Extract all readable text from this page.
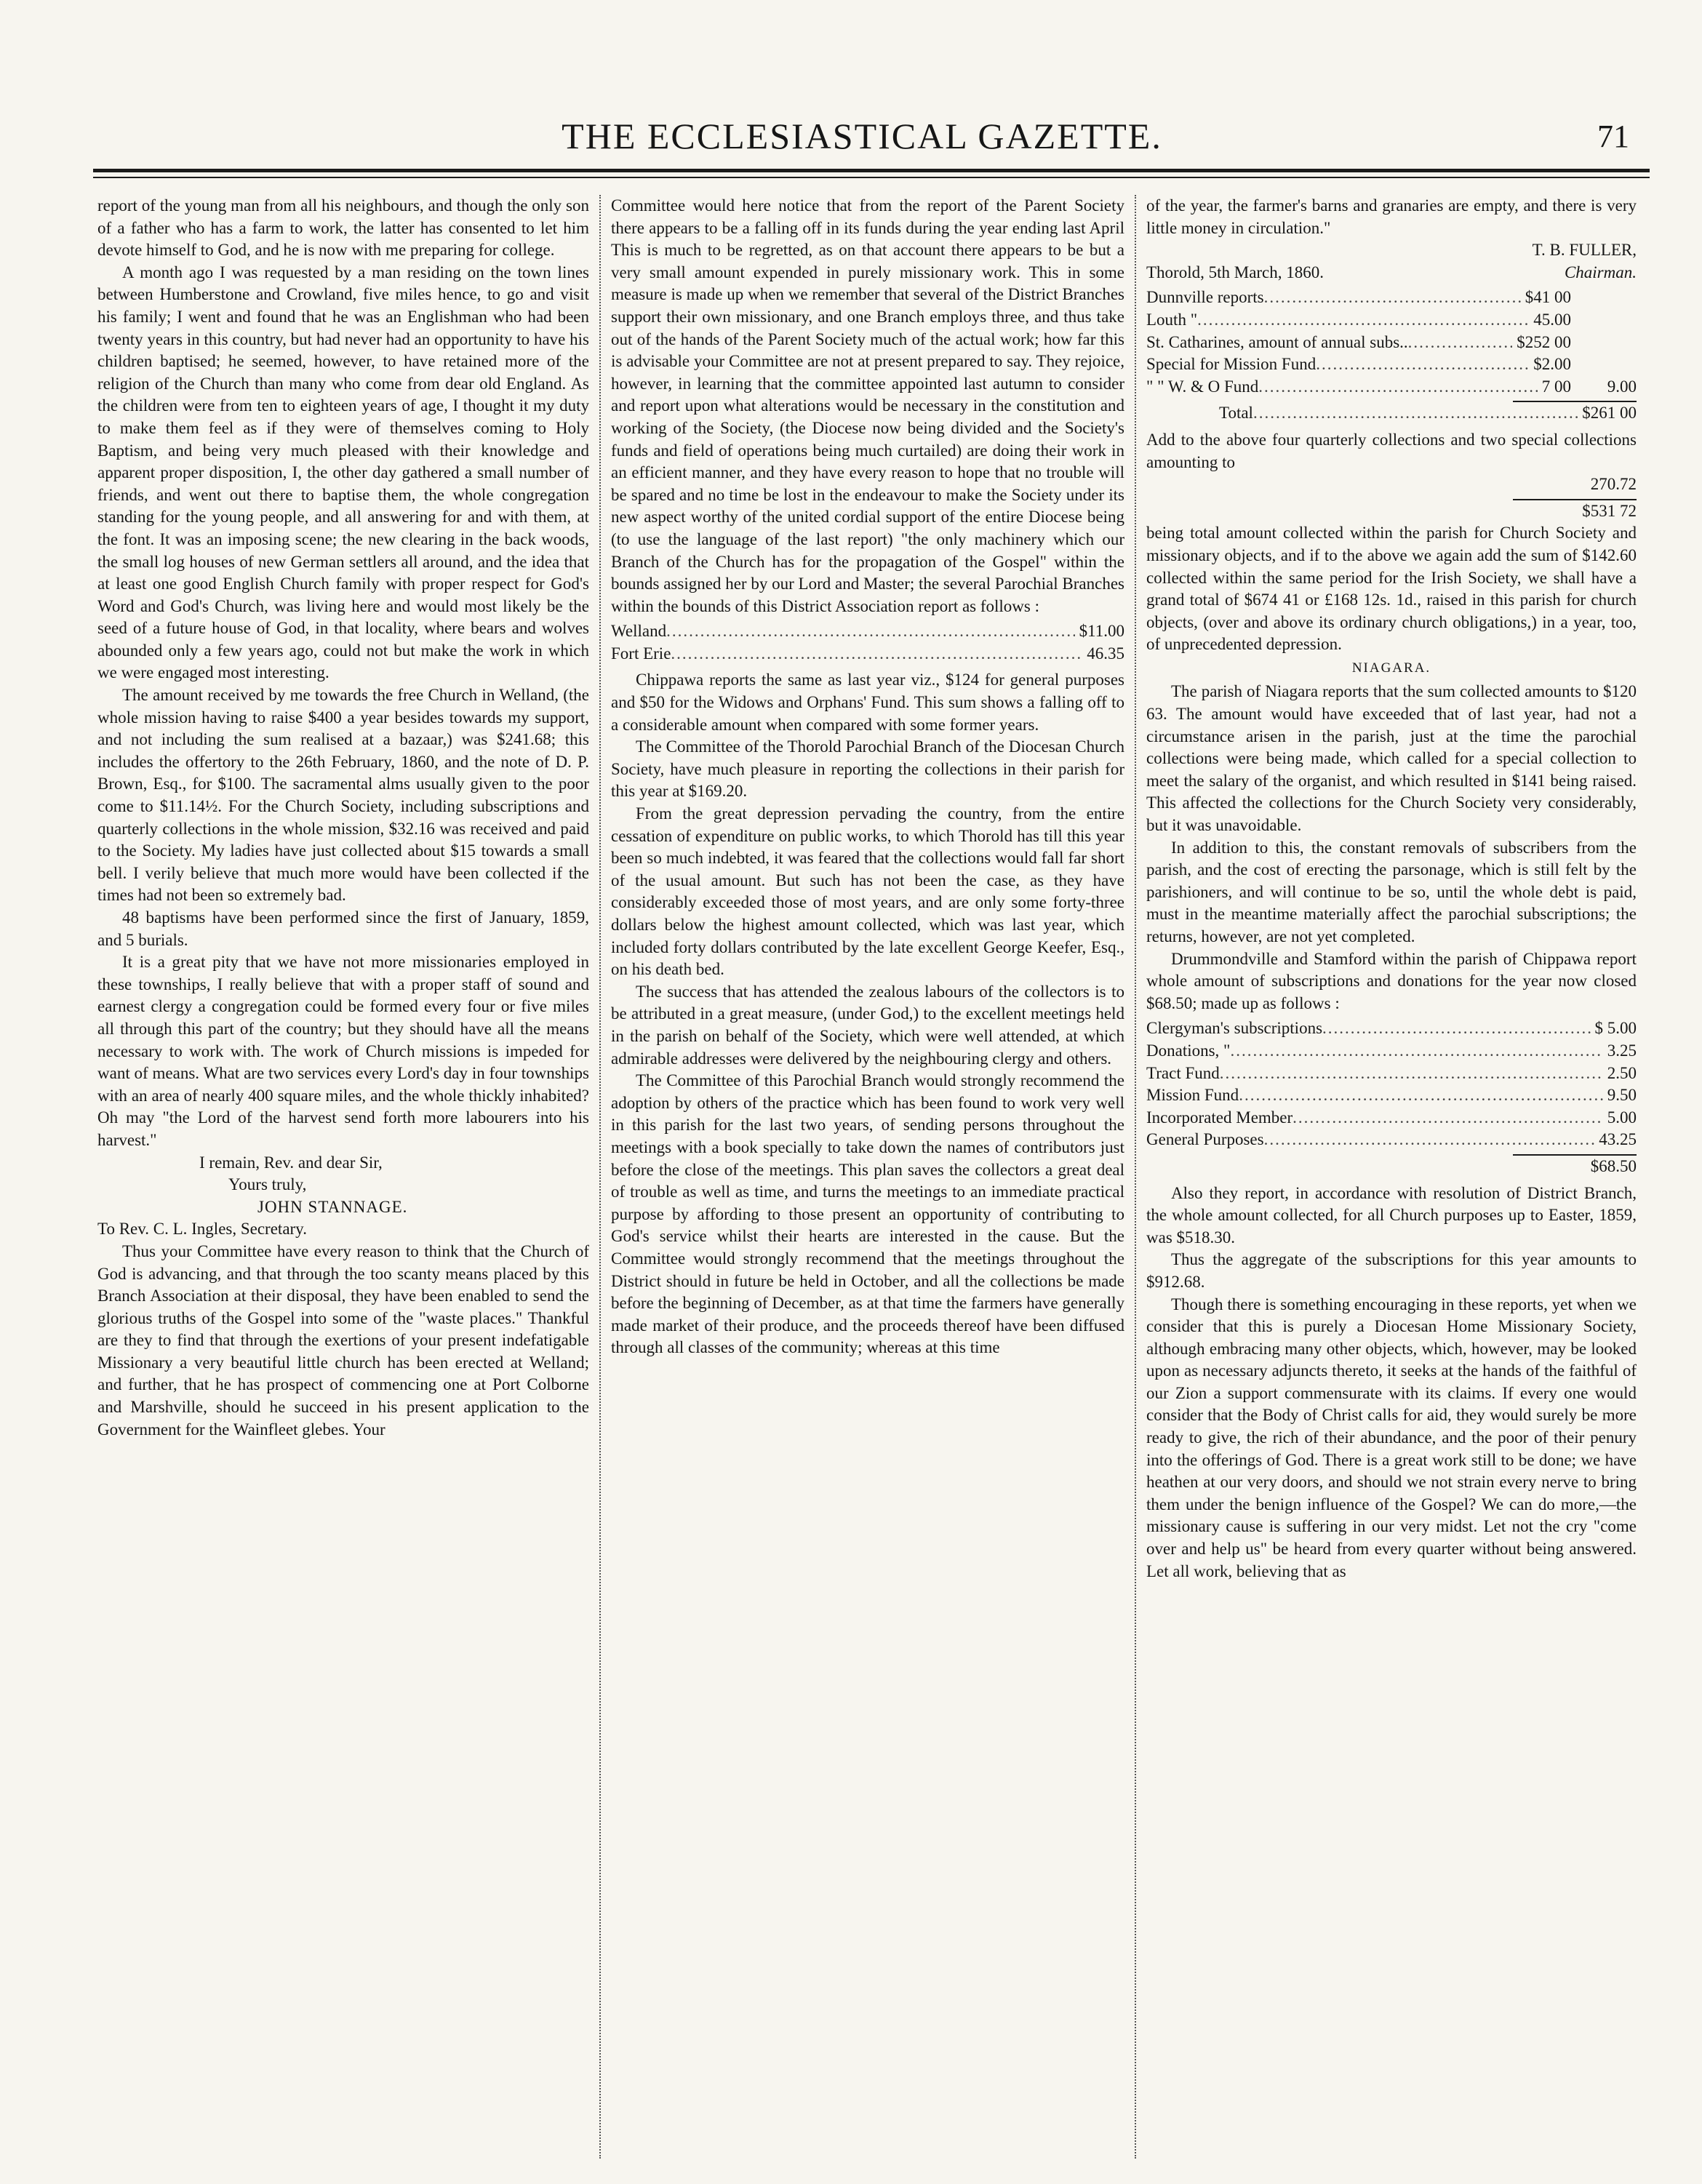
THE ECCLESIASTICAL GAZETTE.	71

report of the young man from all his neighbours, and though the only son of a father who has a farm to work, the latter has consented to let him devote himself to God, and he is now with me preparing for college.

A month ago I was requested by a man residing on the town lines between Humberstone and Crowland, five miles hence, to go and visit his family; I went and found that he was an Englishman who had been twenty years in this country, but had never had an opportunity to have his children baptised; he seemed, however, to have retained more of the religion of the Church than many who come from dear old England. As the children were from ten to eighteen years of age, I thought it my duty to make them feel as if they were of themselves coming to Holy Baptism, and being very much pleased with their knowledge and apparent proper disposition, I, the other day gathered a small number of friends, and went out there to baptise them, the whole congregation standing for the young people, and all answering for and with them, at the font. It was an imposing scene; the new clearing in the back woods, the small log houses of new German settlers all around, and the idea that at least one good English Church family with proper respect for God's Word and God's Church, was living here and would most likely be the seed of a future house of God, in that locality, where bears and wolves abounded only a few years ago, could not but make the work in which we were engaged most interesting.

The amount received by me towards the free Church in Welland, (the whole mission having to raise $400 a year besides towards my support, and not including the sum realised at a bazaar,) was $241.68; this includes the offertory to the 26th February, 1860, and the note of D. P. Brown, Esq., for $100. The sacramental alms usually given to the poor come to $11.14½. For the Church Society, including subscriptions and quarterly collections in the whole mission, $32.16 was received and paid to the Society. My ladies have just collected about $15 towards a small bell. I verily believe that much more would have been collected if the times had not been so extremely bad.

48 baptisms have been performed since the first of January, 1859, and 5 burials.

It is a great pity that we have not more missionaries employed in these townships, I really believe that with a proper staff of sound and earnest clergy a congregation could be formed every four or five miles all through this part of the country; but they should have all the means necessary to work with. The work of Church missions is impeded for want of means. What are two services every Lord's day in four townships with an area of nearly 400 square miles, and the whole thickly inhabited? Oh may "the Lord of the harvest send forth more labourers into his harvest."

I remain, Rev. and dear Sir,
Yours truly,
JOHN STANNAGE.

To Rev. C. L. Ingles, Secretary.

Thus your Committee have every reason to think that the Church of God is advancing, and that through the too scanty means placed by this Branch Association at their disposal, they have been enabled to send the glorious truths of the Gospel into some of the "waste places." Thankful are they to find that through the exertions of your present indefatigable Missionary a very beautiful little church has been erected at Welland; and further, that he has prospect of commencing one at Port Colborne and Marshville, should he succeed in his present application to the Government for the Wainfleet glebes. Your

Committee would here notice that from the report of the Parent Society there appears to be a falling off in its funds during the year ending last April This is much to be regretted, as on that account there appears to be but a very small amount expended in purely missionary work. This in some measure is made up when we remember that several of the District Branches support their own missionary, and one Branch employs three, and thus take out of the hands of the Parent Society much of the actual work; how far this is advisable your Committee are not at present prepared to say. They rejoice, however, in learning that the committee appointed last autumn to consider and report upon what alterations would be necessary in the constitution and working of the Society, (the Diocese now being divided and the Society's funds and field of operations being much curtailed) are doing their work in an efficient manner, and they have every reason to hope that no trouble will be spared and no time be lost in the endeavour to make the Society under its new aspect worthy of the united cordial support of the entire Diocese being (to use the language of the last report) "the only machinery which our Branch of the Church has for the propagation of the Gospel" within the bounds assigned her by our Lord and Master; the several Parochial Branches within the bounds of this District Association report as follows :

Welland .....	$11.00
Fort Erie .....	46.35

Chippawa reports the same as last year viz., $124 for general purposes and $50 for the Widows and Orphans' Fund. This sum shows a falling off to a considerable amount when compared with some former years.

The Committee of the Thorold Parochial Branch of the Diocesan Church Society, have much pleasure in reporting the collections in their parish for this year at $169.20.

From the great depression pervading the country, from the entire cessation of expenditure on public works, to which Thorold has till this year been so much indebted, it was feared that the collections would fall far short of the usual amount. But such has not been the case, as they have considerably exceeded those of most years, and are only some forty-three dollars below the highest amount collected, which was last year, which included forty dollars contributed by the late excellent George Keefer, Esq., on his death bed.

The success that has attended the zealous labours of the collectors is to be attributed in a great measure, (under God,) to the excellent meetings held in the parish on behalf of the Society, which were well attended, at which admirable addresses were delivered by the neighbouring clergy and others.

The Committee of this Parochial Branch would strongly recommend the adoption by others of the practice which has been found to work very well in this parish for the last two years, of sending persons throughout the meetings with a book specially to take down the names of contributors just before the close of the meetings. This plan saves the collectors a great deal of trouble as well as time, and turns the meetings to an immediate practical purpose by affording to those present an opportunity of contributing to God's service whilst their hearts are interested in the cause. But the Committee would strongly recommend that the meetings throughout the District should in future be held in October, and all the collections be made before the beginning of December, as at that time the farmers have generally made market of their produce, and the proceeds thereof have been diffused through all classes of the community; whereas at this time

of the year, the farmer's barns and granaries are empty, and there is very little money in circulation."

T. B. FULLER,

Thorold, 5th March, 1860.	Chairman.
Dunnville reports .....	$41 00
Louth " .....	45.00
St. Catharines, amount of annual subs.. .....	$252 00
Special for Mission Fund .....	$2.00
" " W. & O Fund .....	7 00	9.00
Total .....	$261 00

Add to the above four quarterly collections and two special collections amounting to

270.72

$531 72

being total amount collected within the parish for Church Society and missionary objects, and if to the above we again add the sum of $142.60 collected within the same period for the Irish Society, we shall have a grand total of $674 41 or £168 12s. 1d., raised in this parish for church objects, (over and above its ordinary church obligations,) in a year, too, of unprecedented depression.

NIAGARA.

The parish of Niagara reports that the sum collected amounts to $120 63. The amount would have exceeded that of last year, had not a circumstance arisen in the parish, just at the time the parochial collections were being made, which called for a special collection to meet the salary of the organist, and which resulted in $141 being raised. This affected the collections for the Church Society very considerably, but it was unavoidable.

In addition to this, the constant removals of subscribers from the parish, and the cost of erecting the parsonage, which is still felt by the parishioners, and will continue to be so, until the whole debt is paid, must in the meantime materially affect the parochial subscriptions; the returns, however, are not yet completed.

Drummondville and Stamford within the parish of Chippawa report whole amount of subscriptions and donations for the year now closed $68.50; made up as follows :

Clergyman's subscriptions .....	$ 5.00
Donations, " .....	3.25
Tract Fund .....	2.50
Mission Fund .....	9.50
Incorporated Member .....	5.00
General Purposes .....	43.25

$68.50

Also they report, in accordance with resolution of District Branch, the whole amount collected, for all Church purposes up to Easter, 1859, was $518.30.

Thus the aggregate of the subscriptions for this year amounts to $912.68.

Though there is something encouraging in these reports, yet when we consider that this is purely a Diocesan Home Missionary Society, although embracing many other objects, which, however, may be looked upon as necessary adjuncts thereto, it seeks at the hands of the faithful of our Zion a support commensurate with its claims. If every one would consider that the Body of Christ calls for aid, they would surely be more ready to give, the rich of their abundance, and the poor of their penury into the offerings of God. There is a great work still to be done; we have heathen at our very doors, and should we not strain every nerve to bring them under the benign influence of the Gospel? We can do more,—the missionary cause is suffering in our very midst. Let not the cry "come over and help us" be heard from every quarter without being answered. Let all work, believing that as
